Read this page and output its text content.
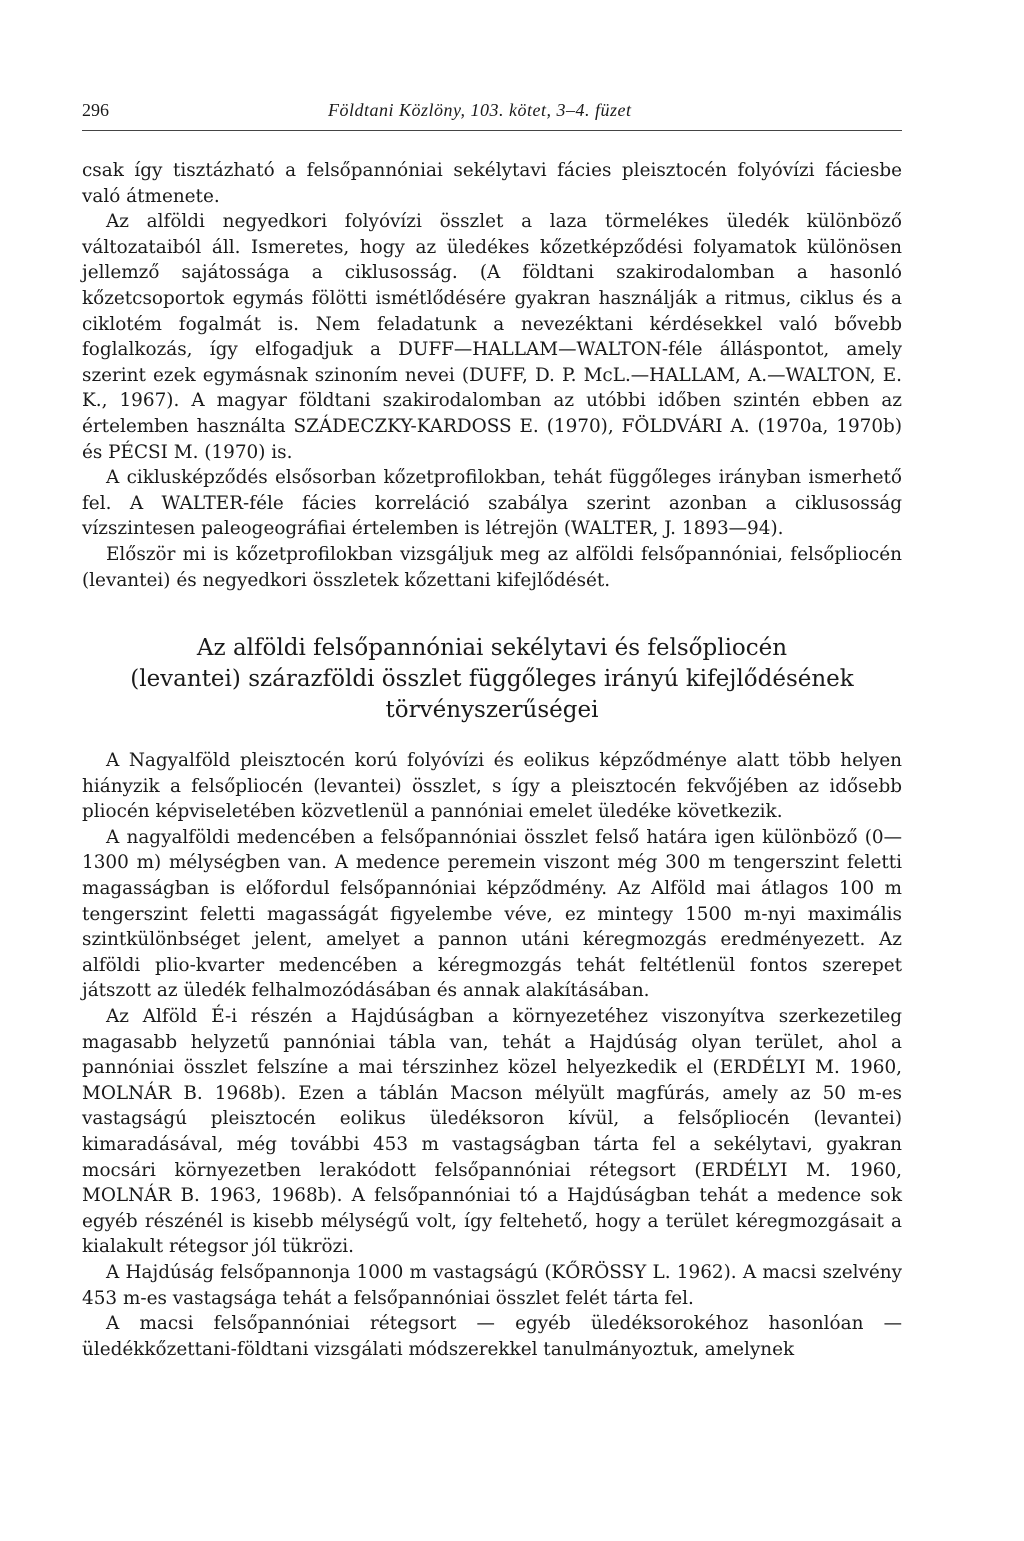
296	Földtani Közlöny, 103. kötet, 3–4. füzet

csak így tisztázható a felsőpannóniai sekélytavi fácies pleisztocén folyóvízi fáciesbe való átmenete.

Az alföldi negyedkori folyóvízi összlet a laza törmelékes üledék különböző változataiból áll. Ismeretes, hogy az üledékes kőzetképződési folyamatok különösen jellemző sajátossága a ciklusosság. (A földtani szakirodalomban a hasonló kőzetcsoportok egymás fölötti ismétlődésére gyakran használják a ritmus, ciklus és a ciklotém fogalmát is. Nem feladatunk a nevezéktani kérdésekkel való bővebb foglalkozás, így elfogadjuk a DUFF—HALLAM—WALTON-féle álláspontot, amely szerint ezek egymásnak szinoním nevei (DUFF, D. P. McL.—HALLAM, A.—WALTON, E. K., 1967). A magyar földtani szakirodalomban az utóbbi időben szintén ebben az értelemben használta SZÁDECZKY-KARDOSS E. (1970), FÖLDVÁRI A. (1970a, 1970b) és PÉCSI M. (1970) is.

A ciklusképződés elsősorban kőzetprofilokban, tehát függőleges irányban ismerhető fel. A WALTER-féle fácies korreláció szabálya szerint azonban a ciklusosság vízszintesen paleogeográfiai értelemben is létrejön (WALTER, J. 1893—94).

Először mi is kőzetprofilokban vizsgáljuk meg az alföldi felsőpannóniai, felsőpliocén (levantei) és negyedkori összletek kőzettani kifejlődését.

Az alföldi felsőpannóniai sekélytavi és felsőpliocén
(levantei) szárazföldi összlet függőleges irányú kifejlődésének
törvényszerűségei

A Nagyalföld pleisztocén korú folyóvízi és eolikus képződménye alatt több helyen hiányzik a felsőpliocén (levantei) összlet, s így a pleisztocén fekvőjében az idősebb pliocén képviseletében közvetlenül a pannóniai emelet üledéke következik.

A nagyalföldi medencében a felsőpannóniai összlet felső határa igen különböző (0—1300 m) mélységben van. A medence peremein viszont még 300 m tengerszint feletti magasságban is előfordul felsőpannóniai képződmény. Az Alföld mai átlagos 100 m tengerszint feletti magasságát figyelembe véve, ez mintegy 1500 m-nyi maximális szintkülönbséget jelent, amelyet a pannon utáni kéregmozgás eredményezett. Az alföldi plio-kvarter medencében a kéregmozgás tehát feltétlenül fontos szerepet játszott az üledék felhalmozódásában és annak alakításában.

Az Alföld É-i részén a Hajdúságban a környezetéhez viszonyítva szerkezetileg magasabb helyzetű pannóniai tábla van, tehát a Hajdúság olyan terület, ahol a pannóniai összlet felszíne a mai térszinhez közel helyezkedik el (ERDÉLYI M. 1960, MOLNÁR B. 1968b). Ezen a táblán Macson mélyült magfúrás, amely az 50 m-es vastagságú pleisztocén eolikus üledéksoron kívül, a felsőpliocén (levantei) kimaradásával, még további 453 m vastagságban tárta fel a sekélytavi, gyakran mocsári környezetben lerakódott felsőpannóniai rétegsort (ERDÉLYI M. 1960, MOLNÁR B. 1963, 1968b). A felsőpannóniai tó a Hajdúságban tehát a medence sok egyéb részénél is kisebb mélységű volt, így feltehető, hogy a terület kéregmozgásait a kialakult rétegsor jól tükrözi.

A Hajdúság felsőpannonja 1000 m vastagságú (KŐRÖSSY L. 1962). A macsi szelvény 453 m-es vastagsága tehát a felsőpannóniai összlet felét tárta fel.

A macsi felsőpannóniai rétegsort — egyéb üledéksorokéhoz hasonlóan — üledékkőzettani-földtani vizsgálati módszerekkel tanulmányoztuk, amelynek
